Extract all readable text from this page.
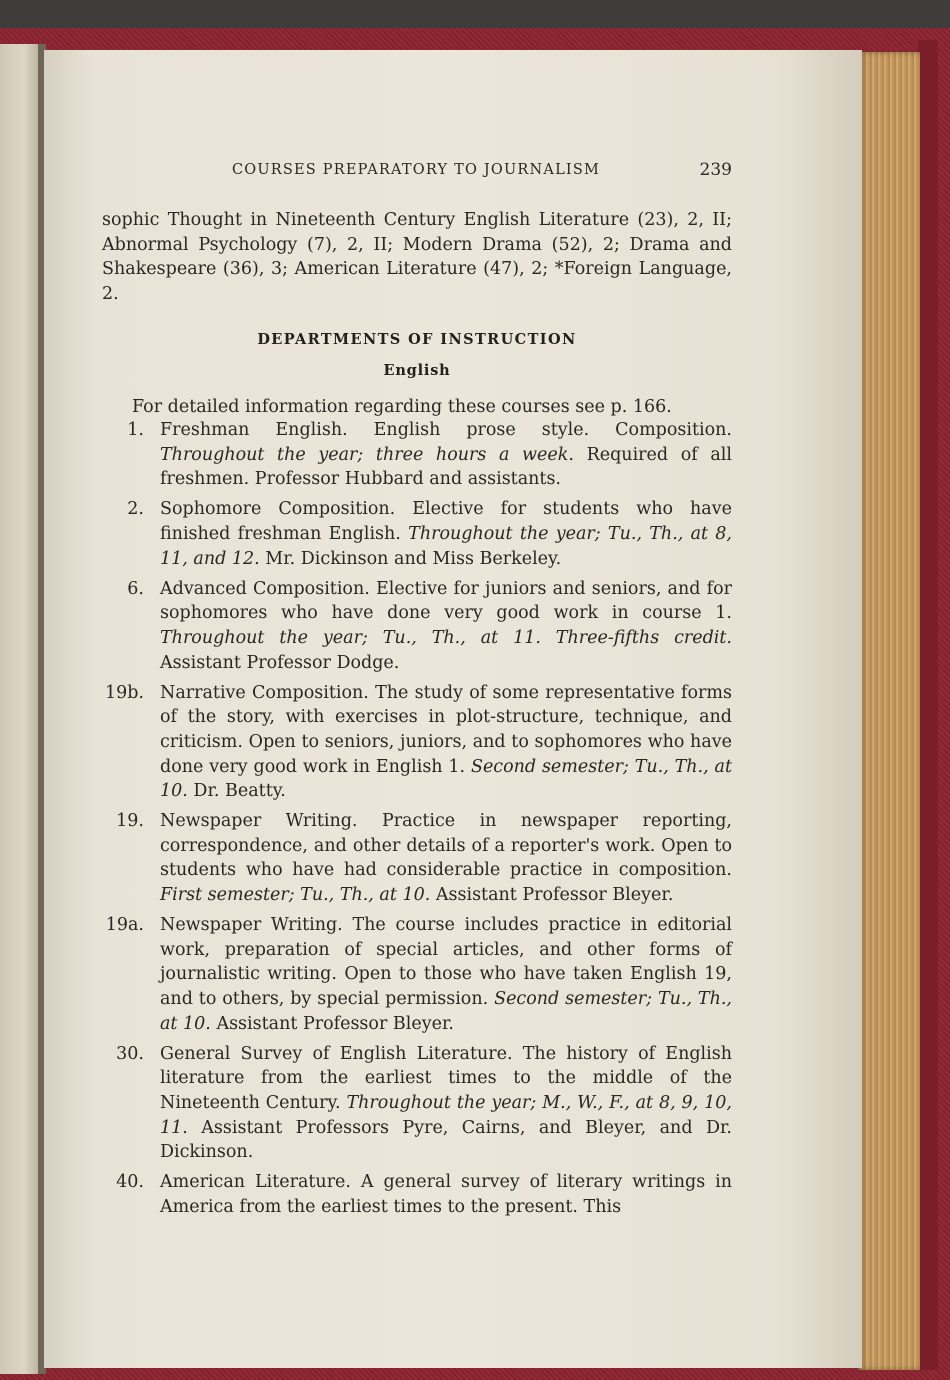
COURSES PREPARATORY TO JOURNALISM	239
sophic Thought in Nineteenth Century English Literature (23), 2, II; Abnormal Psychology (7), 2, II; Modern Drama (52), 2; Drama and Shakespeare (36), 3; American Literature (47), 2; *Foreign Language, 2.
DEPARTMENTS OF INSTRUCTION
English
For detailed information regarding these courses see p. 166.
1. Freshman English. English prose style. Composition. Throughout the year; three hours a week. Required of all freshmen. Professor Hubbard and assistants.
2. Sophomore Composition. Elective for students who have finished freshman English. Throughout the year; Tu., Th., at 8, 11, and 12. Mr. Dickinson and Miss Berkeley.
6. Advanced Composition. Elective for juniors and seniors, and for sophomores who have done very good work in course 1. Throughout the year; Tu., Th., at 11. Three-fifths credit. Assistant Professor Dodge.
19b. Narrative Composition. The study of some representative forms of the story, with exercises in plot-structure, technique, and criticism. Open to seniors, juniors, and to sophomores who have done very good work in English 1. Second semester; Tu., Th., at 10. Dr. Beatty.
19. Newspaper Writing. Practice in newspaper reporting, correspondence, and other details of a reporter's work. Open to students who have had considerable practice in composition. First semester; Tu., Th., at 10. Assistant Professor Bleyer.
19a. Newspaper Writing. The course includes practice in editorial work, preparation of special articles, and other forms of journalistic writing. Open to those who have taken English 19, and to others, by special permission. Second semester; Tu., Th., at 10. Assistant Professor Bleyer.
30. General Survey of English Literature. The history of English literature from the earliest times to the middle of the Nineteenth Century. Throughout the year; M., W., F., at 8, 9, 10, 11. Assistant Professors Pyre, Cairns, and Bleyer, and Dr. Dickinson.
40. American Literature. A general survey of literary writings in America from the earliest times to the present. This
